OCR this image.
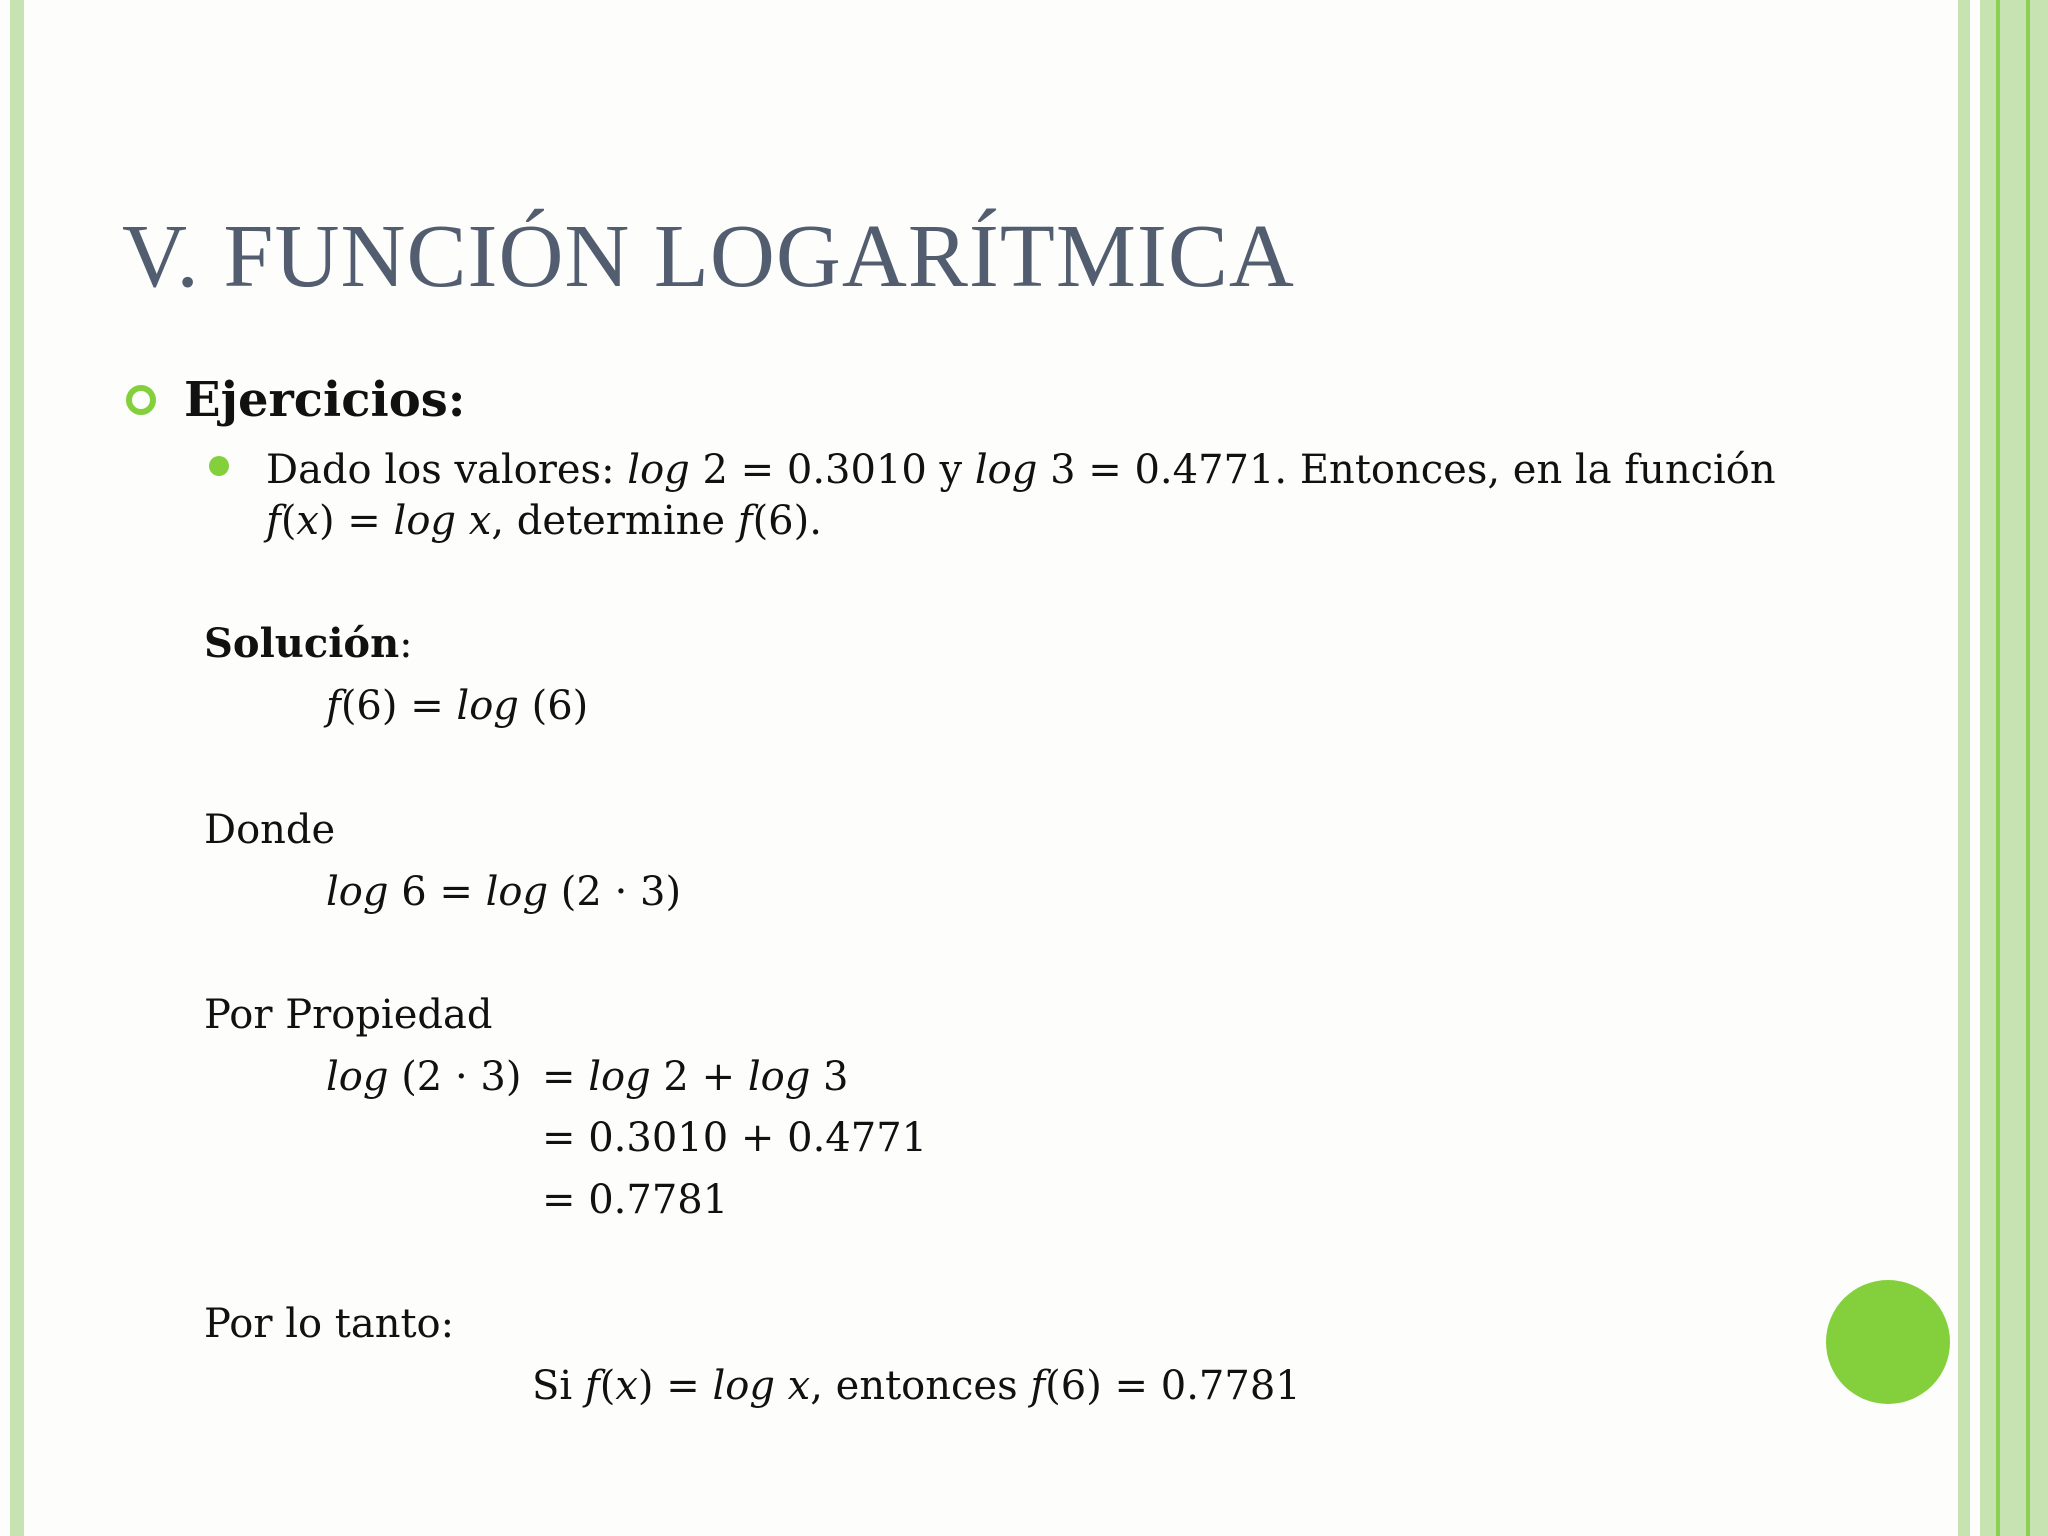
V. FUNCIÓN LOGARÍTMICA
Ejercicios:
Dado los valores: log 2 = 0.3010 y log 3 = 0.4771. Entonces, en la función
f(x) = log x, determine f(6).
Solución:
f(6) = log (6)
Donde
log 6 = log (2 · 3)
Por Propiedad
log (2 · 3) = log 2 + log 3
= 0.3010 + 0.4771
= 0.7781
Por lo tanto:
Si f(x) = log x, entonces f(6) = 0.7781
